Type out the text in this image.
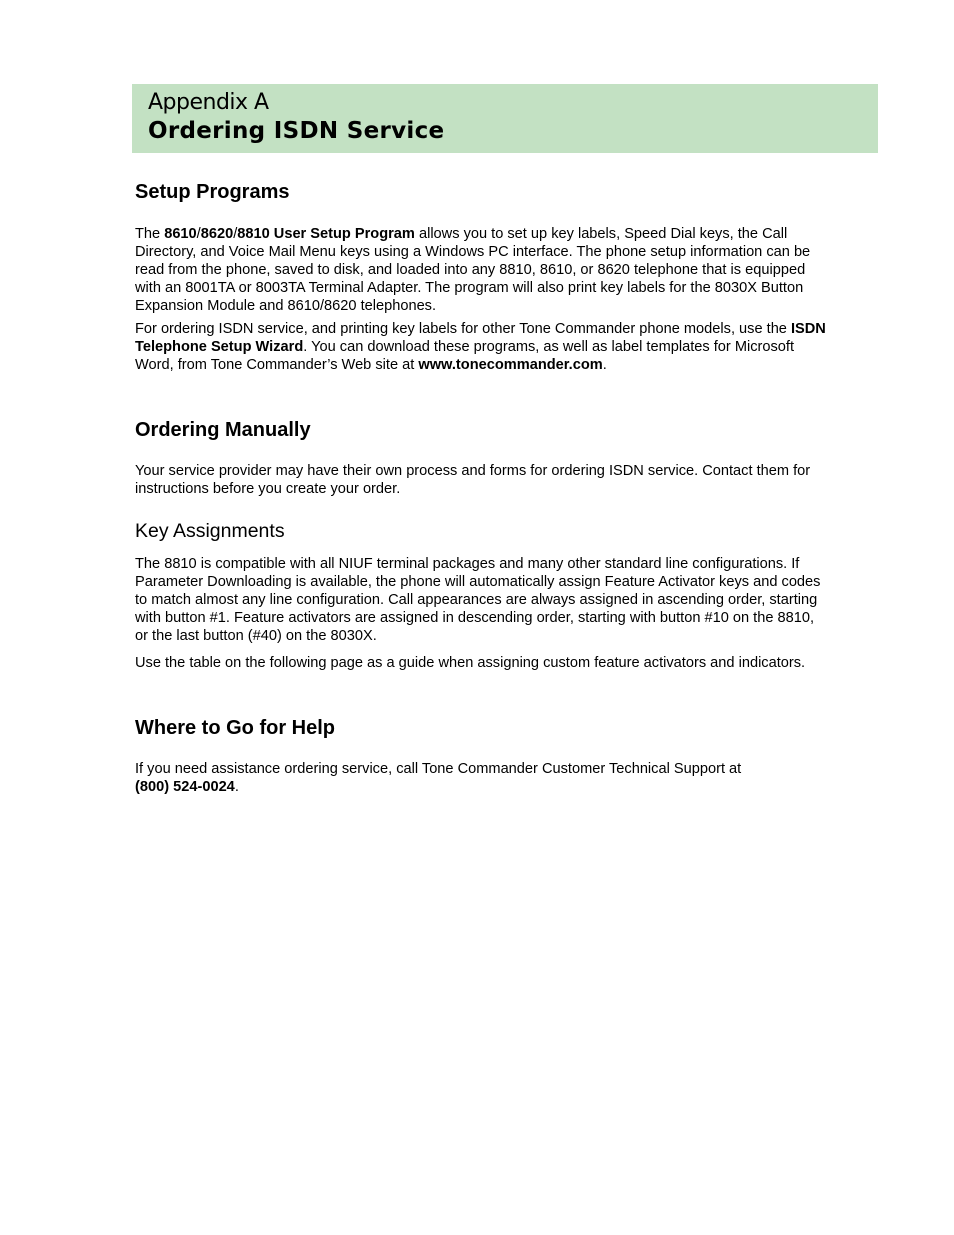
Appendix A
Ordering ISDN Service
Setup Programs

The 8610/8620/8810 User Setup Program allows you to set up key labels, Speed Dial keys, the Call
Directory, and Voice Mail Menu keys using a Windows PC interface. The phone setup information can be
read from the phone, saved to disk, and loaded into any 8810, 8610, or 8620 telephone that is equipped
with an 8001TA or 8003TA Terminal Adapter. The program will also print key labels for the 8030X Button
Expansion Module and 8610/8620 telephones.

For ordering ISDN service, and printing key labels for other Tone Commander phone models, use the ISDN
Telephone Setup Wizard. You can download these programs, as well as label templates for Microsoft
Word, from Tone Commander’s Web site at www.tonecommander.com.

Ordering Manually

Your service provider may have their own process and forms for ordering ISDN service. Contact them for
instructions before you create your order.

Key Assignments

The 8810 is compatible with all NIUF terminal packages and many other standard line configurations. If
Parameter Downloading is available, the phone will automatically assign Feature Activator keys and codes
to match almost any line configuration. Call appearances are always assigned in ascending order, starting
with button #1. Feature activators are assigned in descending order, starting with button #10 on the 8810,
or the last button (#40) on the 8030X.

Use the table on the following page as a guide when assigning custom feature activators and indicators.

Where to Go for Help

If you need assistance ordering service, call Tone Commander Customer Technical Support at
(800) 524-0024.
